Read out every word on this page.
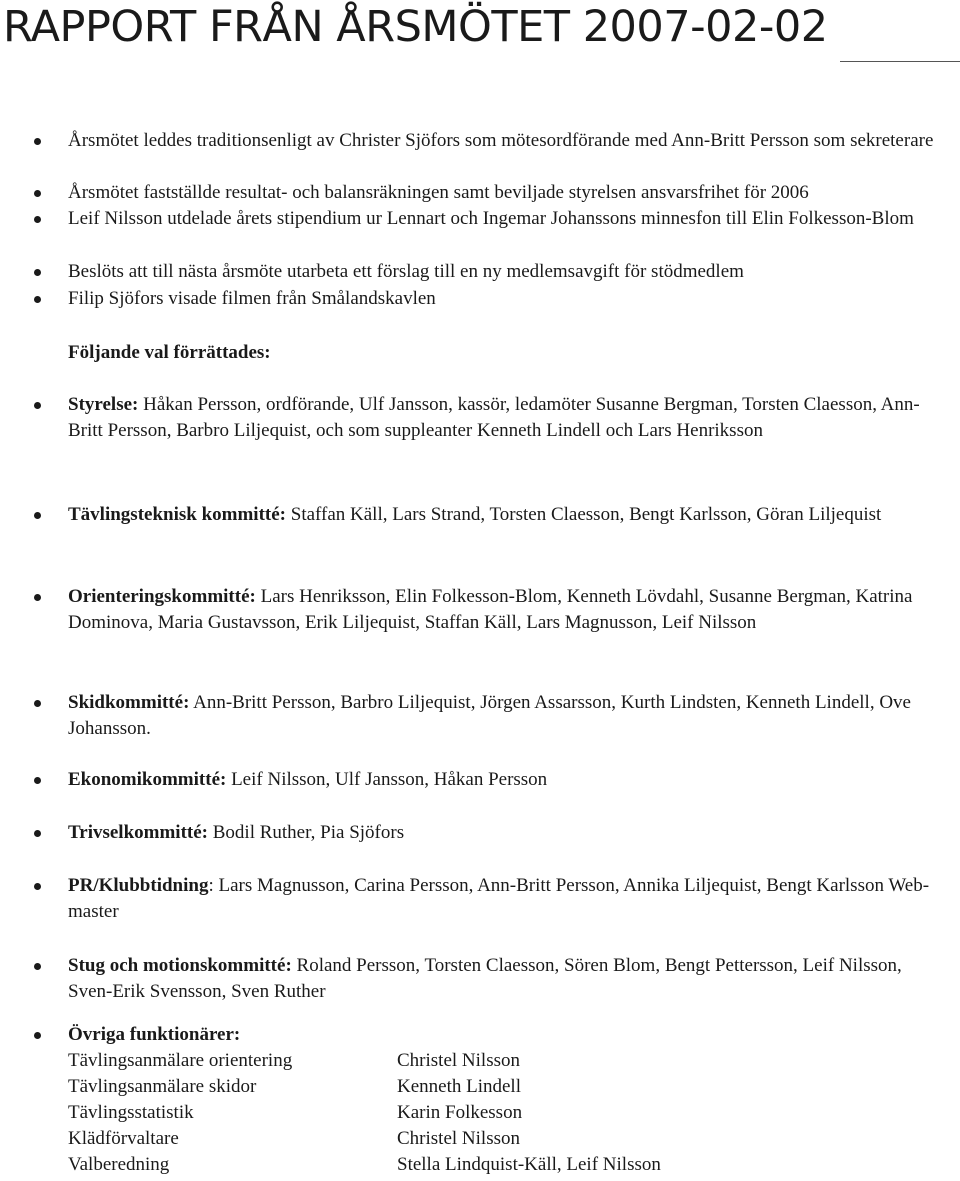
RAPPORT FRÅN ÅRSMÖTET 2007-02-02
Årsmötet leddes traditionsenligt av Christer Sjöfors som mötesordförande med Ann-Britt Persson som sekreterare
Årsmötet fastställde resultat- och balansräkningen samt beviljade styrelsen ansvarsfrihet för 2006
Leif Nilsson utdelade årets stipendium ur Lennart och Ingemar Johanssons minnesfon till Elin Folkesson-Blom
Beslöts att till nästa årsmöte utarbeta ett förslag till en ny medlemsavgift för stödmedlem
Filip Sjöfors visade filmen från Smålandskavlen
Följande val förrättades:
Styrelse: Håkan Persson, ordförande, Ulf Jansson, kassör, ledamöter Susanne Bergman, Torsten Claesson, Ann-Britt Persson, Barbro Liljequist, och som suppleanter Kenneth Lindell och Lars Henriksson
Tävlingsteknisk kommitté: Staffan Käll, Lars Strand, Torsten Claesson, Bengt Karlsson, Göran Liljequist
Orienteringskommitté: Lars Henriksson, Elin Folkesson-Blom, Kenneth Lövdahl, Susanne Bergman, Katrina Dominova, Maria Gustavsson, Erik Liljequist, Staffan Käll, Lars Magnusson, Leif Nilsson
Skidkommitté: Ann-Britt Persson, Barbro Liljequist, Jörgen Assarsson, Kurth Lindsten, Kenneth Lindell, Ove Johansson.
Ekonomikommitté: Leif Nilsson, Ulf Jansson, Håkan Persson
Trivselkommitté: Bodil Ruther, Pia Sjöfors
PR/Klubbtidning: Lars Magnusson, Carina Persson, Ann-Britt Persson, Annika Liljequist, Bengt Karlsson Web-master
Stug och motionskommitté: Roland Persson, Torsten Claesson, Sören Blom, Bengt Pettersson, Leif Nilsson, Sven-Erik Svensson, Sven Ruther
Övriga funktionärer:
Tävlingsanmälare orientering	Christel Nilsson
Tävlingsanmälare skidor	Kenneth Lindell
Tävlingsstatistik	Karin Folkesson
Klädförvaltare	Christel Nilsson
Valberedning	Stella Lindquist-Käll, Leif Nilsson
